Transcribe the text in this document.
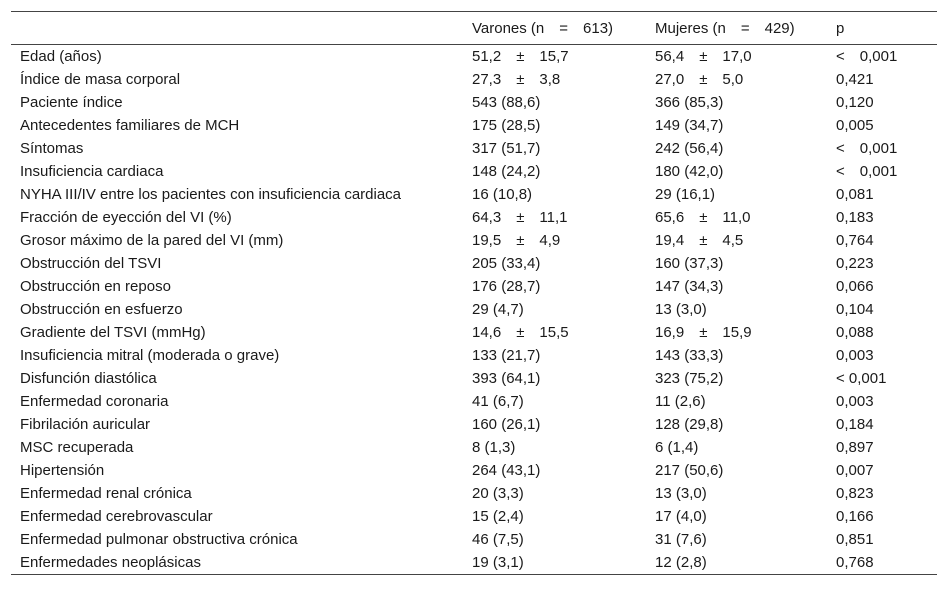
	Varones (n  =  613)	Mujeres (n  =  429)	p
Edad (años)	51,2  ±  15,7	56,4  ±  17,0	<  0,001
Índice de masa corporal	27,3  ±  3,8	27,0  ±  5,0	0,421
Paciente índice	543 (88,6)	366 (85,3)	0,120
Antecedentes familiares de MCH	175 (28,5)	149 (34,7)	0,005
Síntomas	317 (51,7)	242 (56,4)	<  0,001
Insuficiencia cardiaca	148 (24,2)	180 (42,0)	<  0,001
NYHA III/IV entre los pacientes con insuficiencia cardiaca	16 (10,8)	29 (16,1)	0,081
Fracción de eyección del VI (%)	64,3  ±  11,1	65,6  ±  11,0	0,183
Grosor máximo de la pared del VI (mm)	19,5  ±  4,9	19,4  ±  4,5	0,764
Obstrucción del TSVI	205 (33,4)	160 (37,3)	0,223
Obstrucción en reposo	176 (28,7)	147 (34,3)	0,066
Obstrucción en esfuerzo	29 (4,7)	13 (3,0)	0,104
Gradiente del TSVI (mmHg)	14,6  ±  15,5	16,9  ±  15,9	0,088
Insuficiencia mitral (moderada o grave)	133 (21,7)	143 (33,3)	0,003
Disfunción diastólica	393 (64,1)	323 (75,2)	< 0,001
Enfermedad coronaria	41 (6,7)	11 (2,6)	0,003
Fibrilación auricular	160 (26,1)	128 (29,8)	0,184
MSC recuperada	8 (1,3)	6 (1,4)	0,897
Hipertensión	264 (43,1)	217 (50,6)	0,007
Enfermedad renal crónica	20 (3,3)	13 (3,0)	0,823
Enfermedad cerebrovascular	15 (2,4)	17 (4,0)	0,166
Enfermedad pulmonar obstructiva crónica	46 (7,5)	31 (7,6)	0,851
Enfermedades neoplásicas	19 (3,1)	12 (2,8)	0,768
